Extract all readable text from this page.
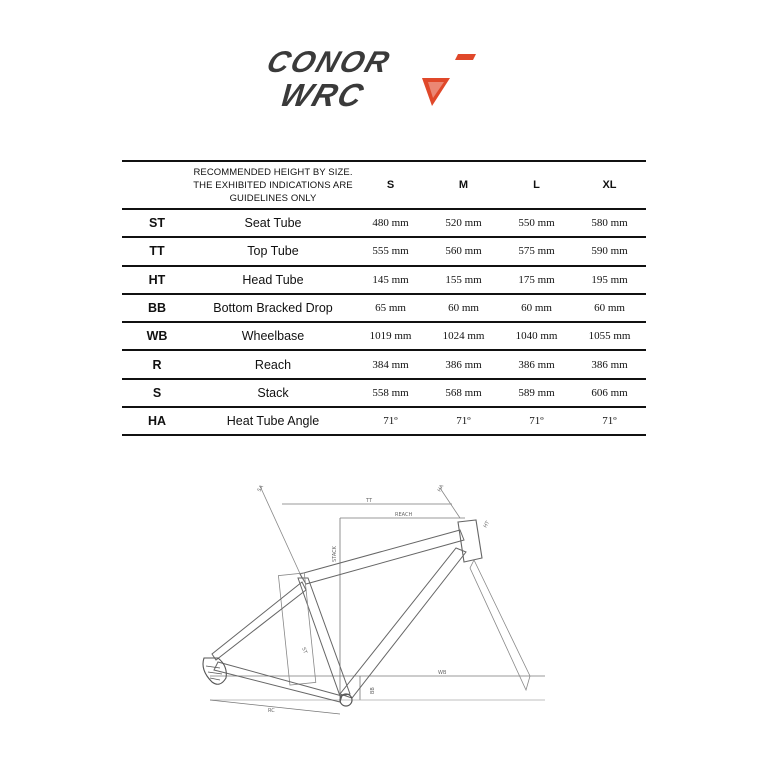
CONOR
WRC

	RECOMMENDED HEIGHT BY SIZE.
THE EXHIBITED INDICATIONS ARE
GUIDELINES ONLY	S	M	L	XL
ST	Seat Tube	480 mm	520 mm	550 mm	580 mm
TT	Top Tube	555 mm	560 mm	575 mm	590 mm
HT	Head Tube	145 mm	155 mm	175 mm	195 mm
BB	Bottom Bracked Drop	65 mm	60 mm	60 mm	60 mm
WB	Wheelbase	1019 mm	1024 mm	1040 mm	1055 mm
R	Reach	384 mm	386 mm	386 mm	386 mm
S	Stack	558 mm	568 mm	589 mm	606 mm
HA	Heat Tube Angle	71º	71º	71º	71º
SA	HA
TT
REACH
HT
STACK
ST
WB
BB
RC
